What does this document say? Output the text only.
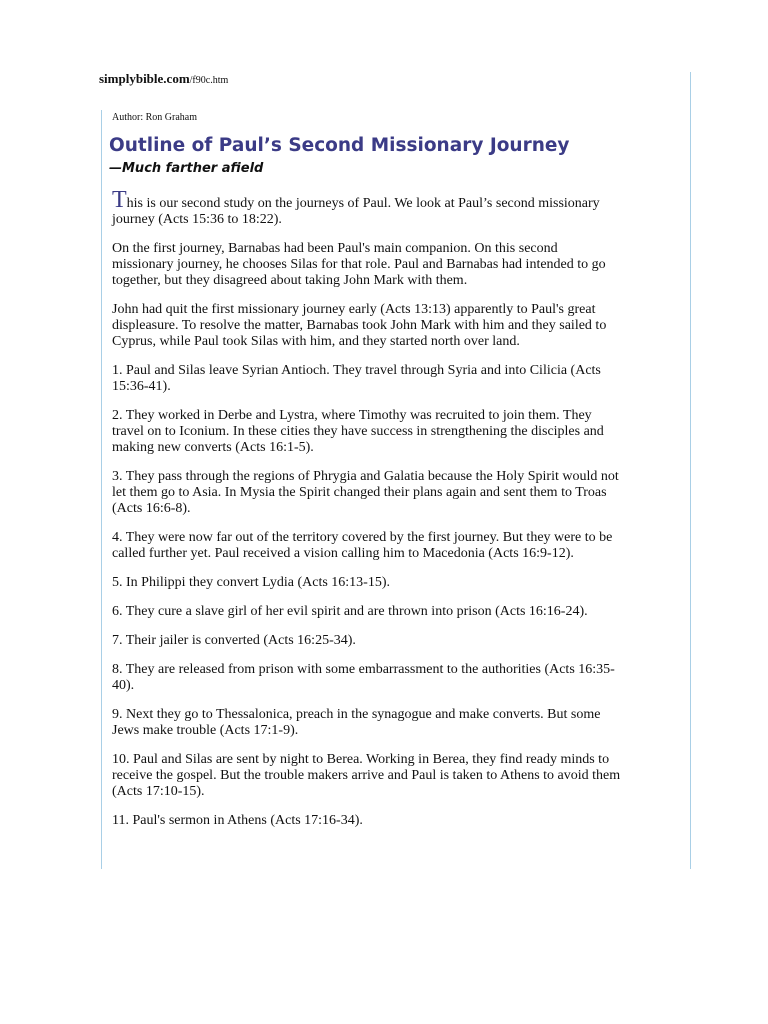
simplybible.com/f90c.htm
Author: Ron Graham
Outline of Paul’s Second Missionary Journey
—Much farther afield

This is our second study on the journeys of Paul. We look at Paul’s second missionary journey (Acts 15:36 to 18:22).

On the first journey, Barnabas had been Paul's main companion. On this second missionary journey, he chooses Silas for that role. Paul and Barnabas had intended to go together, but they disagreed about taking John Mark with them.

John had quit the first missionary journey early (Acts 13:13) apparently to Paul's great displeasure. To resolve the matter, Barnabas took John Mark with him and they sailed to Cyprus, while Paul took Silas with him, and they started north over land.

1. Paul and Silas leave Syrian Antioch. They travel through Syria and into Cilicia (Acts 15:36-41).

2. They worked in Derbe and Lystra, where Timothy was recruited to join them. They travel on to Iconium. In these cities they have success in strengthening the disciples and making new converts (Acts 16:1-5).

3. They pass through the regions of Phrygia and Galatia because the Holy Spirit would not let them go to Asia. In Mysia the Spirit changed their plans again and sent them to Troas (Acts 16:6-8).

4. They were now far out of the territory covered by the first journey. But they were to be called further yet. Paul received a vision calling him to Macedonia (Acts 16:9-12).

5. In Philippi they convert Lydia (Acts 16:13-15).

6. They cure a slave girl of her evil spirit and are thrown into prison (Acts 16:16-24).

7. Their jailer is converted (Acts 16:25-34).

8. They are released from prison with some embarrassment to the authorities (Acts 16:35-40).

9. Next they go to Thessalonica, preach in the synagogue and make converts. But some Jews make trouble (Acts 17:1-9).

10. Paul and Silas are sent by night to Berea. Working in Berea, they find ready minds to receive the gospel. But the trouble makers arrive and Paul is taken to Athens to avoid them (Acts 17:10-15).

11. Paul's sermon in Athens (Acts 17:16-34).
